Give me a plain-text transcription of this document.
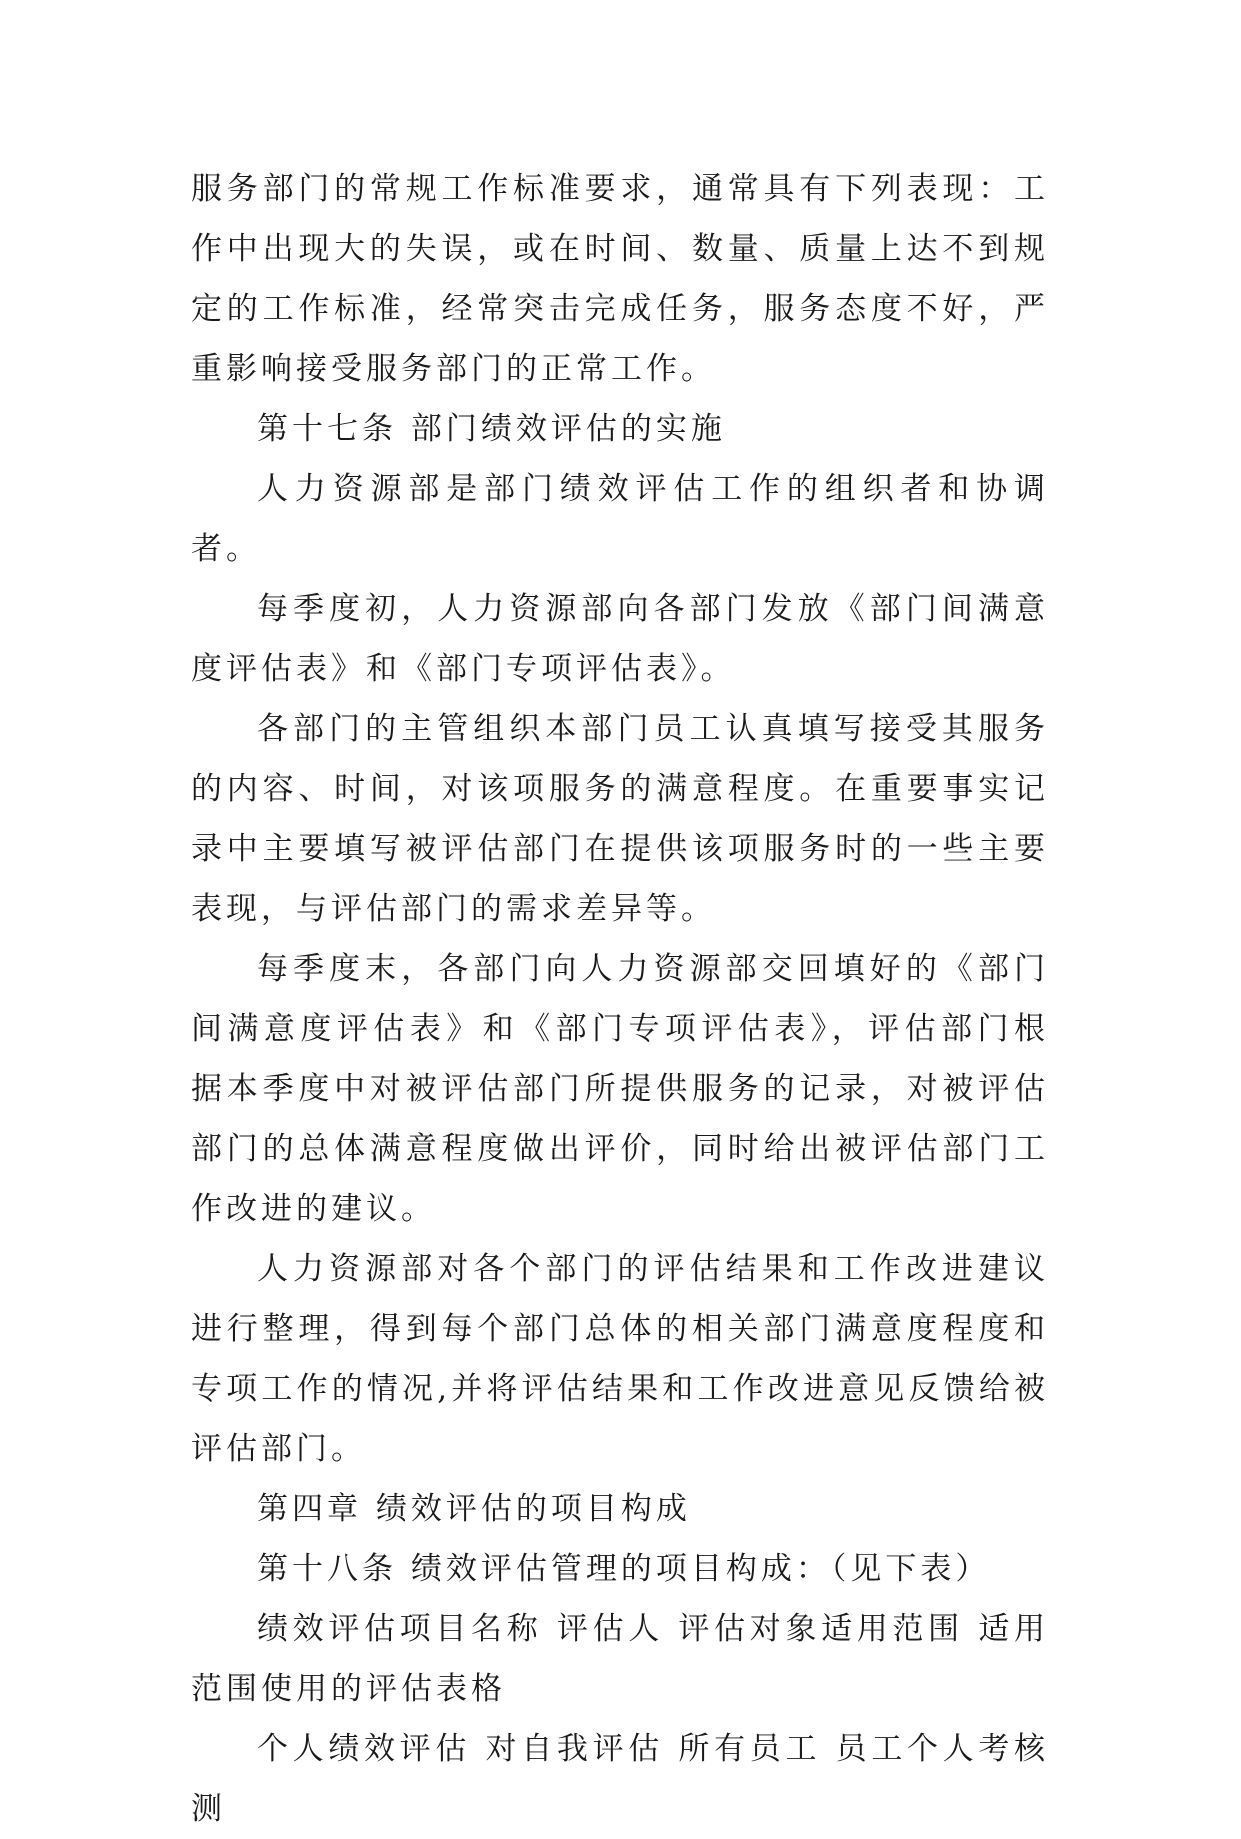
服务部门的常规工作标准要求，通常具有下列表现：工作中出现大的失误，或在时间、数量、质量上达不到规定的工作标准，经常突击完成任务，服务态度不好，严重影响接受服务部门的正常工作。

第十七条 部门绩效评估的实施

人力资源部是部门绩效评估工作的组织者和协调者。

每季度初，人力资源部向各部门发放《部门间满意度评估表》和《部门专项评估表》。

各部门的主管组织本部门员工认真填写接受其服务的内容、时间，对该项服务的满意程度。在重要事实记录中主要填写被评估部门在提供该项服务时的一些主要表现，与评估部门的需求差异等。

每季度末，各部门向人力资源部交回填好的《部门间满意度评估表》和《部门专项评估表》，评估部门根据本季度中对被评估部门所提供服务的记录，对被评估部门的总体满意程度做出评价，同时给出被评估部门工作改进的建议。

人力资源部对各个部门的评估结果和工作改进建议进行整理，得到每个部门总体的相关部门满意度程度和专项工作的情况,并将评估结果和工作改进意见反馈给被评估部门。

第四章 绩效评估的项目构成

第十八条 绩效评估管理的项目构成：（见下表）

绩效评估项目名称 评估人 评估对象适用范围 适用范围使用的评估表格

个人绩效评估 对自我评估 所有员工 员工个人考核测
